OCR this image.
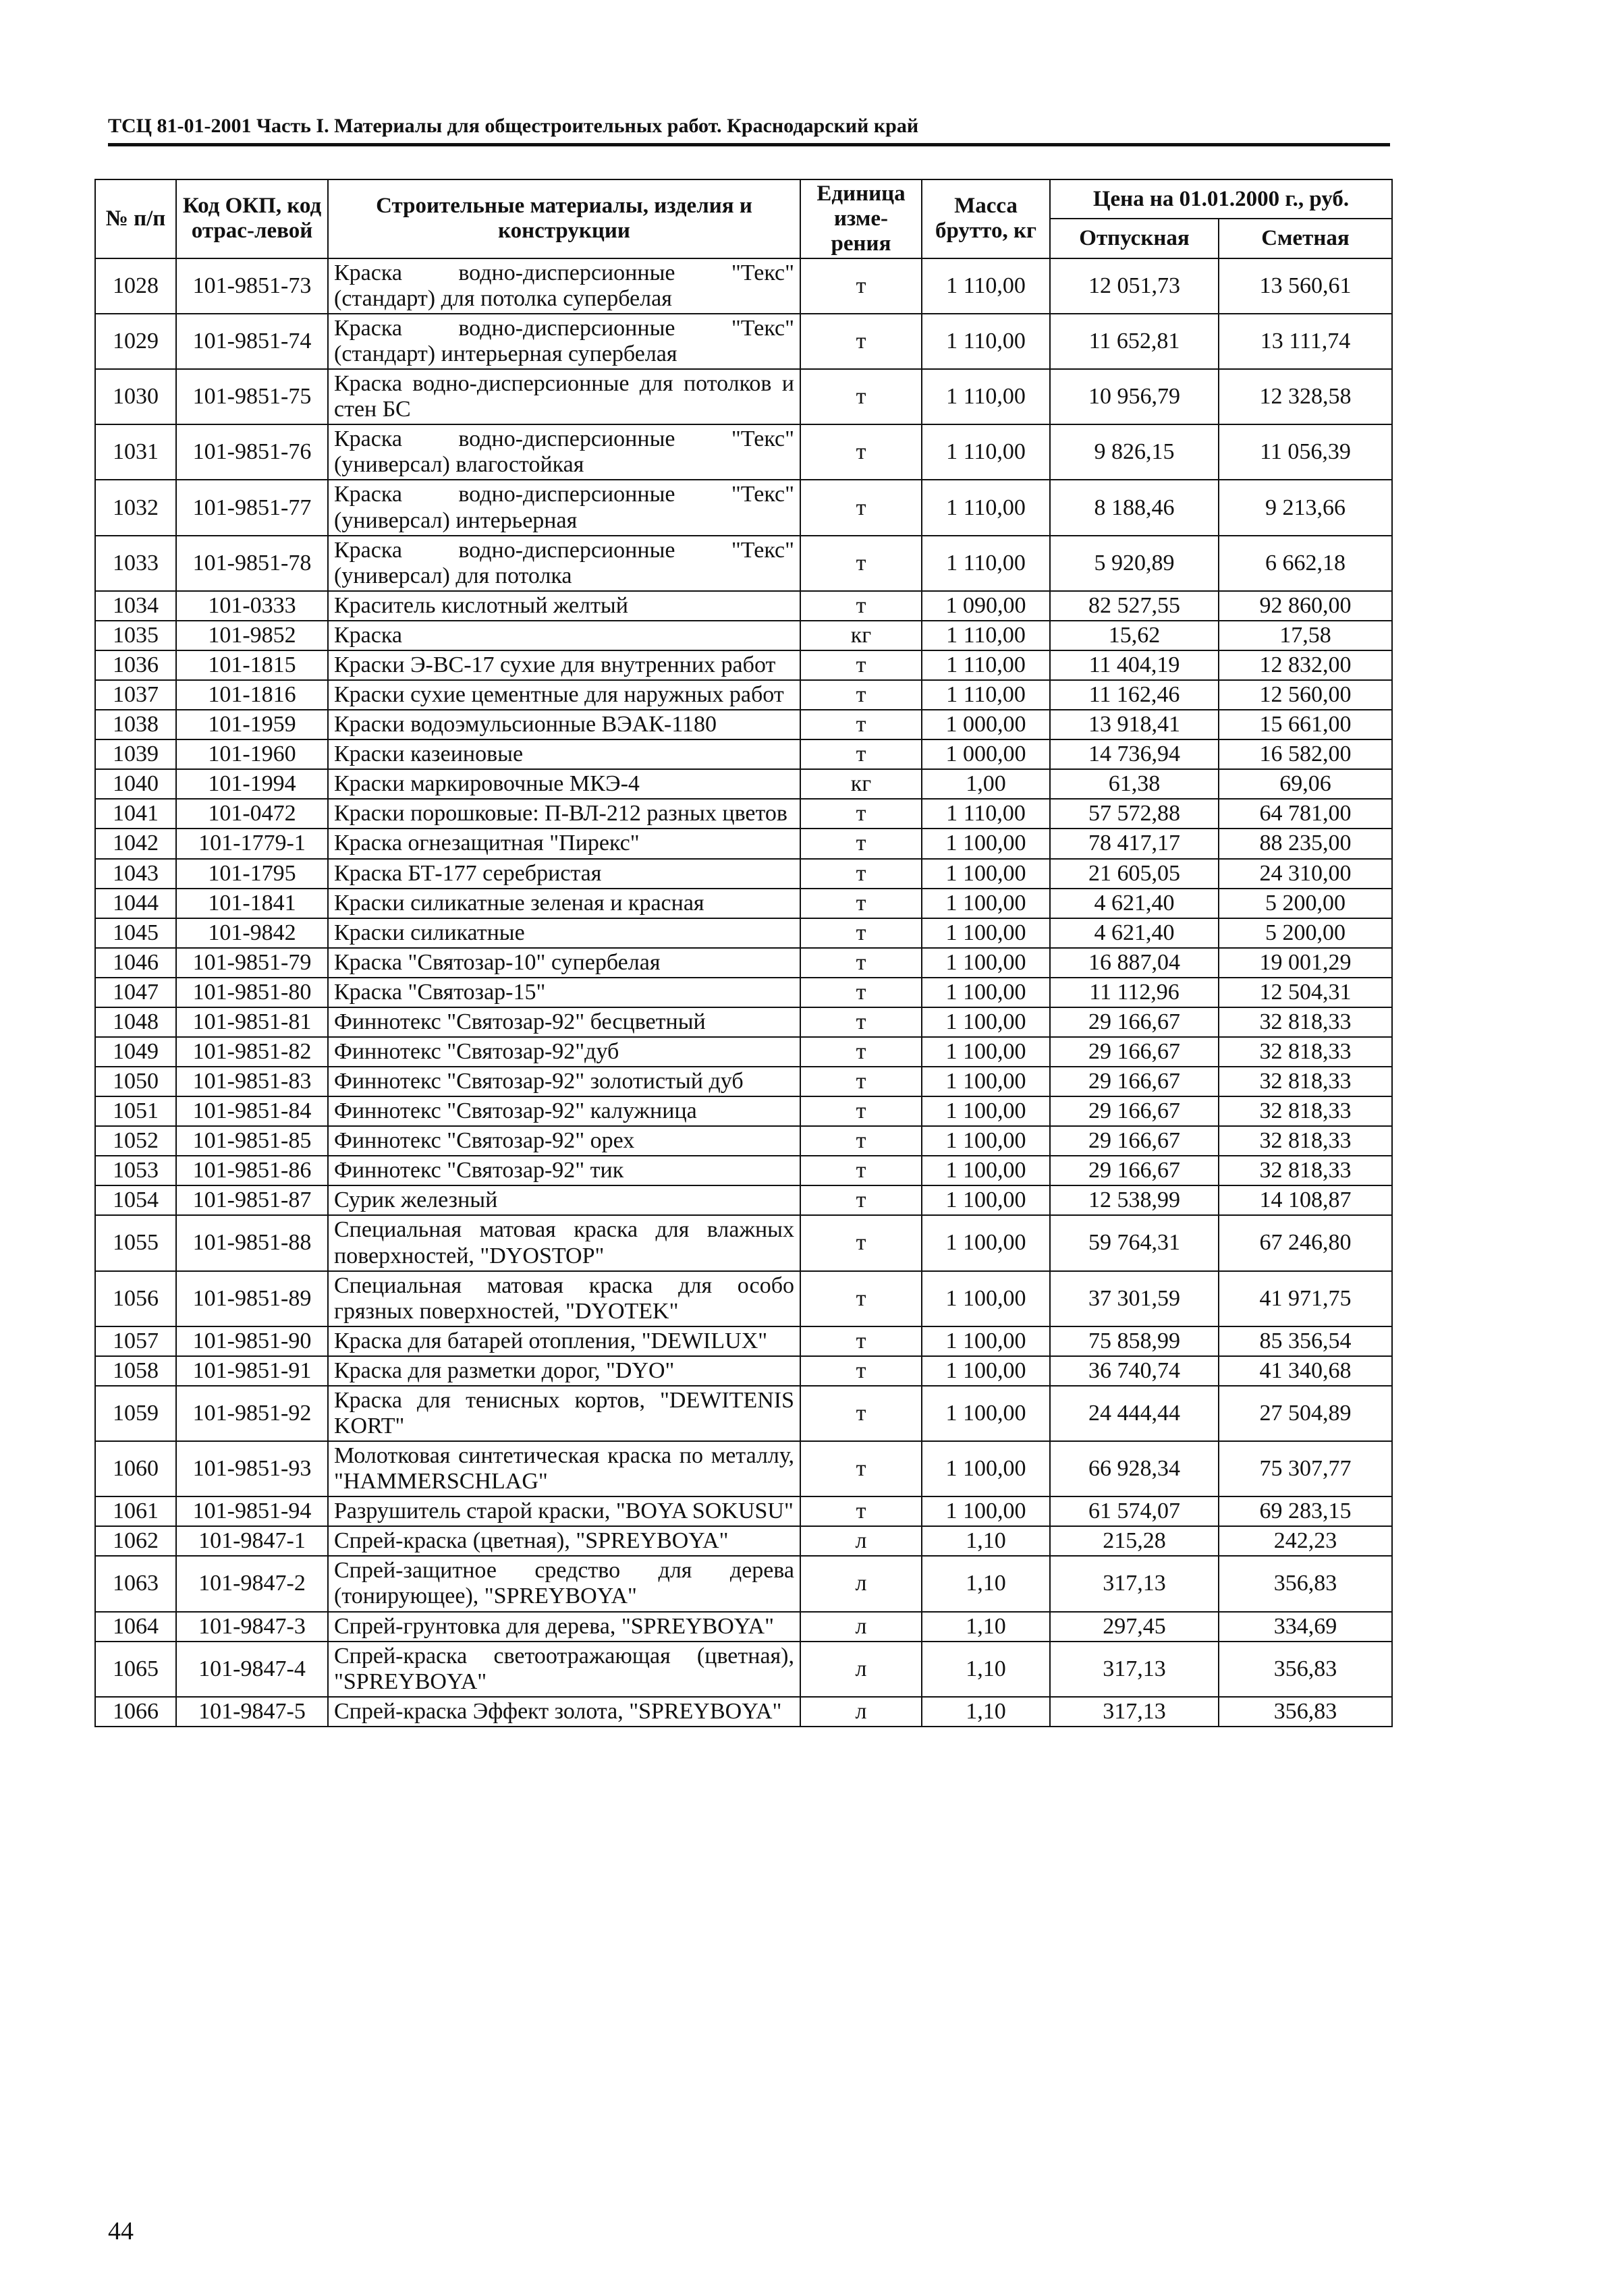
ТСЦ 81-01-2001 Часть I. Материалы для общестроительных работ. Краснодарский край
№ п/п	Код ОКП, код отрас-левой	Строительные материалы, изделия и конструкции	Единица изме-рения	Масса брутто, кг	Цена на 01.01.2000 г., руб.	
					Отпускная	Сметная
1028	101-9851-73	Краска водно-дисперсионные "Текс" (стандарт) для потолка супербелая	т	1 110,00	12 051,73	13 560,61
1029	101-9851-74	Краска водно-дисперсионные "Текс" (стандарт) интерьерная супербелая	т	1 110,00	11 652,81	13 111,74
1030	101-9851-75	Краска водно-дисперсионные для потолков и стен БС	т	1 110,00	10 956,79	12 328,58
1031	101-9851-76	Краска водно-дисперсионные "Текс" (универсал) влагостойкая	т	1 110,00	9 826,15	11 056,39
1032	101-9851-77	Краска водно-дисперсионные "Текс" (универсал) интерьерная	т	1 110,00	8 188,46	9 213,66
1033	101-9851-78	Краска водно-дисперсионные "Текс" (универсал) для потолка	т	1 110,00	5 920,89	6 662,18
1034	101-0333	Краситель кислотный желтый	т	1 090,00	82 527,55	92 860,00
1035	101-9852	Краска	кг	1 110,00	15,62	17,58
1036	101-1815	Краски Э-ВС-17 сухие для внутренних работ	т	1 110,00	11 404,19	12 832,00
1037	101-1816	Краски сухие цементные для наружных работ	т	1 110,00	11 162,46	12 560,00
1038	101-1959	Краски водоэмульсионные ВЭАК-1180	т	1 000,00	13 918,41	15 661,00
1039	101-1960	Краски казеиновые	т	1 000,00	14 736,94	16 582,00
1040	101-1994	Краски маркировочные МКЭ-4	кг	1,00	61,38	69,06
1041	101-0472	Краски порошковые: П-ВЛ-212 разных цветов	т	1 110,00	57 572,88	64 781,00
1042	101-1779-1	Краска огнезащитная "Пирекс"	т	1 100,00	78 417,17	88 235,00
1043	101-1795	Краска БТ-177 серебристая	т	1 100,00	21 605,05	24 310,00
1044	101-1841	Краски силикатные зеленая и красная	т	1 100,00	4 621,40	5 200,00
1045	101-9842	Краски силикатные	т	1 100,00	4 621,40	5 200,00
1046	101-9851-79	Краска "Святозар-10" супербелая	т	1 100,00	16 887,04	19 001,29
1047	101-9851-80	Краска "Святозар-15"	т	1 100,00	11 112,96	12 504,31
1048	101-9851-81	Финнотекс "Святозар-92" бесцветный	т	1 100,00	29 166,67	32 818,33
1049	101-9851-82	Финнотекс "Святозар-92"дуб	т	1 100,00	29 166,67	32 818,33
1050	101-9851-83	Финнотекс "Святозар-92" золотистый дуб	т	1 100,00	29 166,67	32 818,33
1051	101-9851-84	Финнотекс "Святозар-92" калужница	т	1 100,00	29 166,67	32 818,33
1052	101-9851-85	Финнотекс "Святозар-92" орех	т	1 100,00	29 166,67	32 818,33
1053	101-9851-86	Финнотекс "Святозар-92" тик	т	1 100,00	29 166,67	32 818,33
1054	101-9851-87	Сурик железный	т	1 100,00	12 538,99	14 108,87
1055	101-9851-88	Специальная матовая краска для влажных поверхностей, "DYOSTOP"	т	1 100,00	59 764,31	67 246,80
1056	101-9851-89	Специальная матовая краска для особо грязных поверхностей, "DYOTEK"	т	1 100,00	37 301,59	41 971,75
1057	101-9851-90	Краска для батарей отопления, "DEWILUX"	т	1 100,00	75 858,99	85 356,54
1058	101-9851-91	Краска для разметки дорог, "DYO"	т	1 100,00	36 740,74	41 340,68
1059	101-9851-92	Краска для тенисных кортов, "DEWITENIS KORT"	т	1 100,00	24 444,44	27 504,89
1060	101-9851-93	Молотковая синтетическая краска по металлу, "HAMMERSCHLAG"	т	1 100,00	66 928,34	75 307,77
1061	101-9851-94	Разрушитель старой краски, "BOYA SOKUSU"	т	1 100,00	61 574,07	69 283,15
1062	101-9847-1	Спрей-краска (цветная), "SPREYBOYA"	л	1,10	215,28	242,23
1063	101-9847-2	Спрей-защитное средство для дерева (тонирующее), "SPREYBOYA"	л	1,10	317,13	356,83
1064	101-9847-3	Спрей-грунтовка для дерева, "SPREYBOYA"	л	1,10	297,45	334,69
1065	101-9847-4	Спрей-краска светоотражающая (цветная), "SPREYBOYA"	л	1,10	317,13	356,83
1066	101-9847-5	Спрей-краска Эффект золота, "SPREYBOYA"	л	1,10	317,13	356,83
44
